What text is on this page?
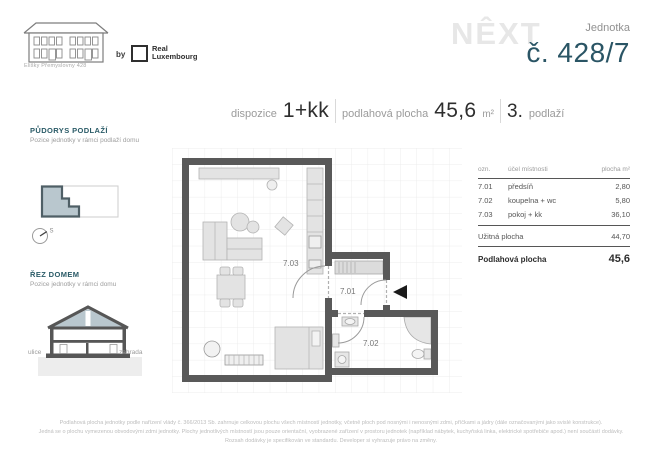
Elišky Přemyslovny 428
by
Real
Luxembourg
NÊXT	Jednotka
č. 428/7
dispozice 1+kk podlahová plocha 45,6 m² 3. podlaží
PŮDORYS PODLAŽÍ
Pozice jednotky v rámci podlaží domu
S
ŘEZ DOMEM
Pozice jednotky v rámci domu
ulice	zahrada
7.03
7.01
7.02
ozn.	účel místnosti	plocha m²
7.01	předsíň	2,80
7.02	koupelna + wc	5,80
7.03	pokoj + kk	36,10
Užitná plocha	44,70
Podlahová plocha	45,6
Podlahová plocha jednotky podle nařízení vlády č. 366/2013 Sb. zahrnuje celkovou plochu všech místností jednotky, včetně ploch pod nosnými i nenosnými zdmi, příčkami a jádry (dále označovanými jako svislé konstrukce).
Jedná se o plochu vymezenou obvodovými zdmi jednotky. Plochy jednotlivých místností jsou pouze orientační, vyobrazené zařízení v prostoru jednotek (například nábytek, kuchyňská linka, elektrické spotřebiče apod.) není součástí dodávky.
Rozsah dodávky je specifikován ve standardu. Developer si vyhrazuje právo na změny.
